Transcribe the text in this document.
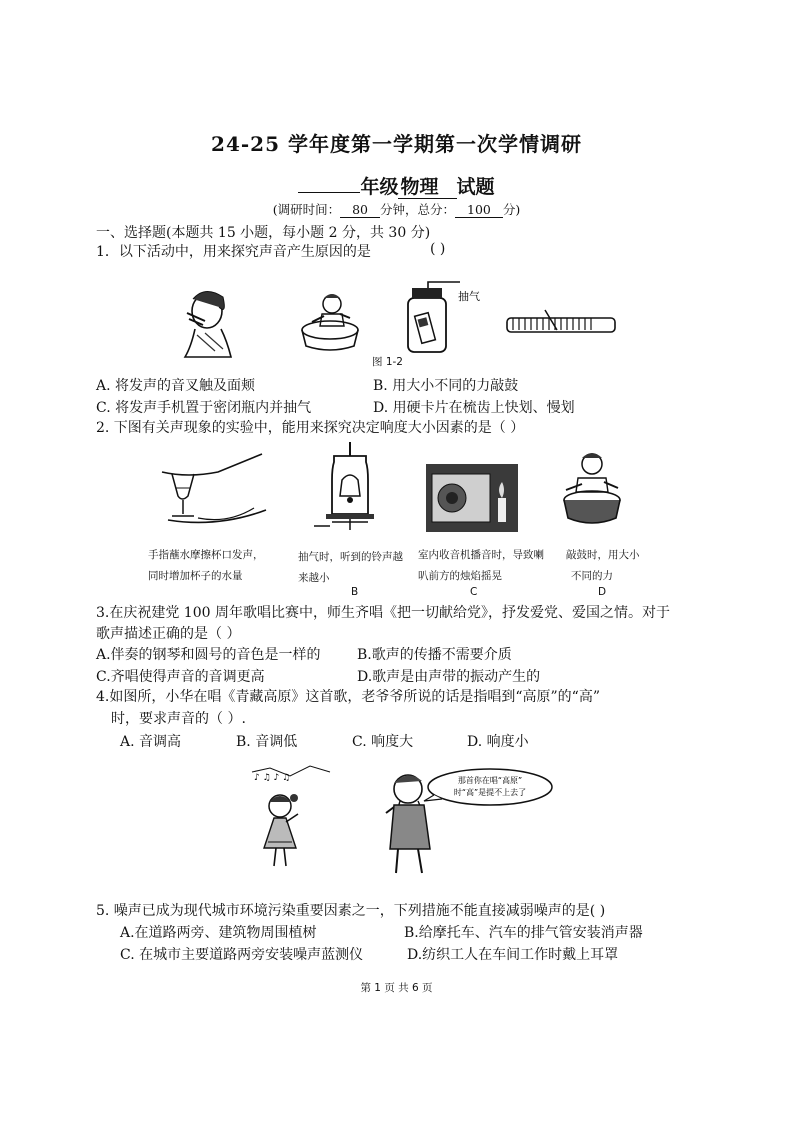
24-25 学年度第一学期第一次学情调研
年级 物理 试题
(调研时间： 80 分钟，总分： 100 分)
一、选择题(本题共 15 小题，每小题 2 分，共 30 分)
1．以下活动中，用来探究声音产生原因的是	( )
抽气
图 1-2
A. 将发声的音叉触及面颊	B. 用大小不同的力敲鼓
C. 将发声手机置于密闭瓶内并抽气	D. 用硬卡片在梳齿上快划、慢划
2. 下图有关声现象的实验中，能用来探究决定响度大小因素的是（ ）
手指蘸水摩擦杯口发声，
同时增加杯子的水量
抽气时，听到的铃声越
来越小
B
室内收音机播音时，导致喇
叭前方的烛焰摇晃
C
敲鼓时，用大小
不同的力
D
3.在庆祝建党 100 周年歌唱比赛中，师生齐唱《把一切献给党》，抒发爱党、爱国之情。对于
歌声描述正确的是（ ）
A.伴奏的钢琴和圆号的音色是一样的	B.歌声的传播不需要介质
C.齐唱使得声音的音调更高	D.歌声是由声带的振动产生的
4.如图所，小华在唱《青藏高原》这首歌，老爷爷所说的话是指唱到“高原”的“高”
时，要求声音的（ ）.
A. 音调高	B. 音调低	C. 响度大	D. 响度小
♪ ♫ ♪ ♫	那首你在唱“高原”
时“高”是提不上去了
5. 噪声已成为现代城市环境污染重要因素之一，下列措施不能直接减弱噪声的是( )
A.在道路两旁、建筑物周围植树	B.给摩托车、汽车的排气管安装消声器
C. 在城市主要道路两旁安装噪声蓝测仪	D.纺织工人在车间工作时戴上耳罩
第 1 页 共 6 页
